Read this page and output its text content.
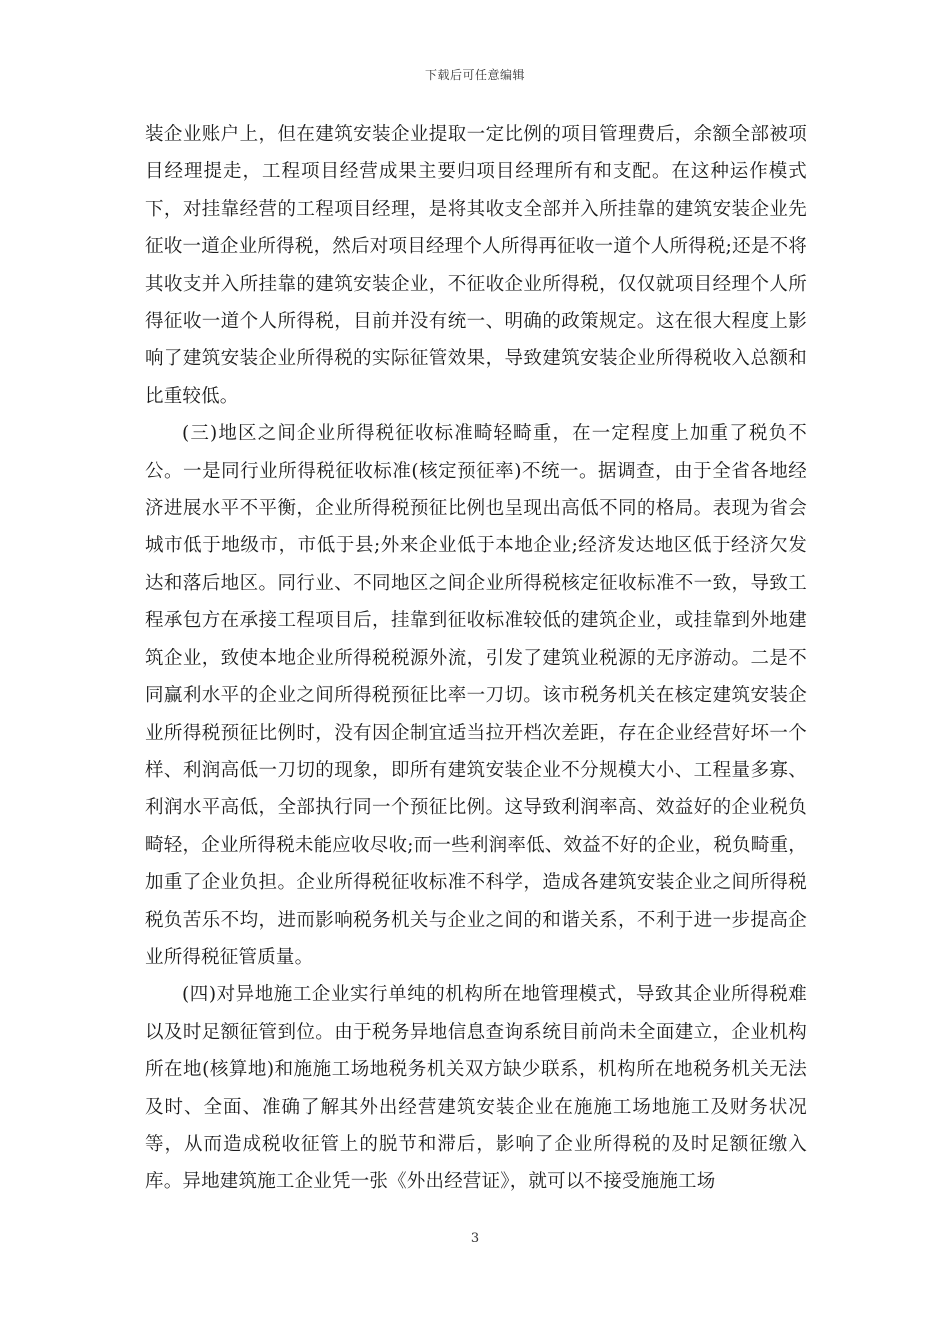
下载后可任意编辑

装企业账户上，但在建筑安装企业提取一定比例的项目管理费后，余额全部被项目经理提走，工程项目经营成果主要归项目经理所有和支配。在这种运作模式下，对挂靠经营的工程项目经理，是将其收支全部并入所挂靠的建筑安装企业先征收一道企业所得税，然后对项目经理个人所得再征收一道个人所得税;还是不将其收支并入所挂靠的建筑安装企业，不征收企业所得税，仅仅就项目经理个人所得征收一道个人所得税，目前并没有统一、明确的政策规定。这在很大程度上影响了建筑安装企业所得税的实际征管效果，导致建筑安装企业所得税收入总额和比重较低。

(三)地区之间企业所得税征收标准畸轻畸重，在一定程度上加重了税负不公。一是同行业所得税征收标准(核定预征率)不统一。据调查，由于全省各地经济进展水平不平衡，企业所得税预征比例也呈现出高低不同的格局。表现为省会城市低于地级市，市低于县;外来企业低于本地企业;经济发达地区低于经济欠发达和落后地区。同行业、不同地区之间企业所得税核定征收标准不一致，导致工程承包方在承接工程项目后，挂靠到征收标准较低的建筑企业，或挂靠到外地建筑企业，致使本地企业所得税税源外流，引发了建筑业税源的无序游动。二是不同赢利水平的企业之间所得税预征比率一刀切。该市税务机关在核定建筑安装企业所得税预征比例时，没有因企制宜适当拉开档次差距，存在企业经营好坏一个样、利润高低一刀切的现象，即所有建筑安装企业不分规模大小、工程量多寡、利润水平高低，全部执行同一个预征比例。这导致利润率高、效益好的企业税负畸轻，企业所得税未能应收尽收;而一些利润率低、效益不好的企业，税负畸重，加重了企业负担。企业所得税征收标准不科学，造成各建筑安装企业之间所得税税负苦乐不均，进而影响税务机关与企业之间的和谐关系，不利于进一步提高企业所得税征管质量。

(四)对异地施工企业实行单纯的机构所在地管理模式，导致其企业所得税难以及时足额征管到位。由于税务异地信息查询系统目前尚未全面建立，企业机构所在地(核算地)和施施工场地税务机关双方缺少联系，机构所在地税务机关无法及时、全面、准确了解其外出经营建筑安装企业在施施工场地施工及财务状况等，从而造成税收征管上的脱节和滞后，影响了企业所得税的及时足额征缴入库。异地建筑施工企业凭一张《外出经营证》，就可以不接受施施工场

3
